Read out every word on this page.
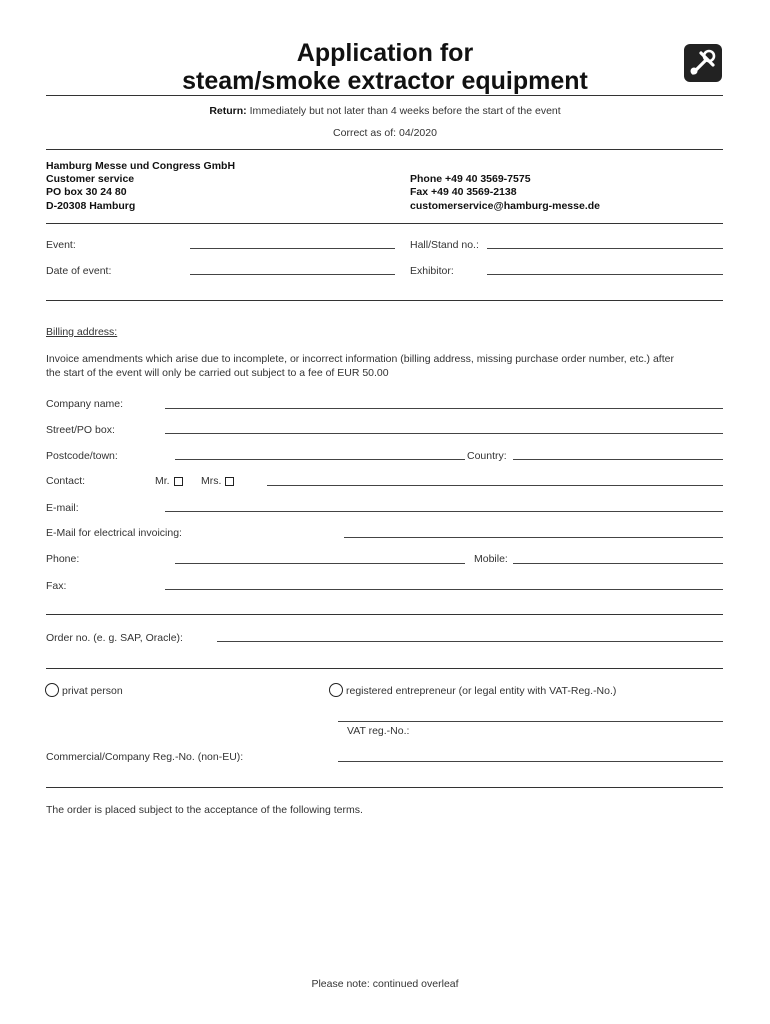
Application for
steam/smoke extractor equipment
Return: Immediately but not later than 4 weeks before the start of the event
Correct as of: 04/2020
Hamburg Messe und Congress GmbH
Customer service
PO box 30 24 80
D-20308 Hamburg
Phone +49 40 3569-7575
Fax +49 40 3569-2138
customerservice@hamburg-messe.de
Event:	Hall/Stand no.:
Date of event:	Exhibitor:
Billing address:
Invoice amendments which arise due to incomplete, or incorrect information (billing address, missing purchase order number, etc.) after
the start of the event will only be carried out subject to a fee of EUR 50.00
Company name:
Street/PO box:
Postcode/town:	Country:
Contact:	Mr.	Mrs.
E-mail:
E-Mail for electrical invoicing:
Phone:	Mobile:
Fax:
Order no. (e. g. SAP, Oracle):
privat person	registered entrepreneur (or legal entity with VAT-Reg.-No.)
VAT reg.-No.:
Commercial/Company Reg.-No. (non-EU):
The order is placed subject to the acceptance of the following terms.
Please note: continued overleaf
